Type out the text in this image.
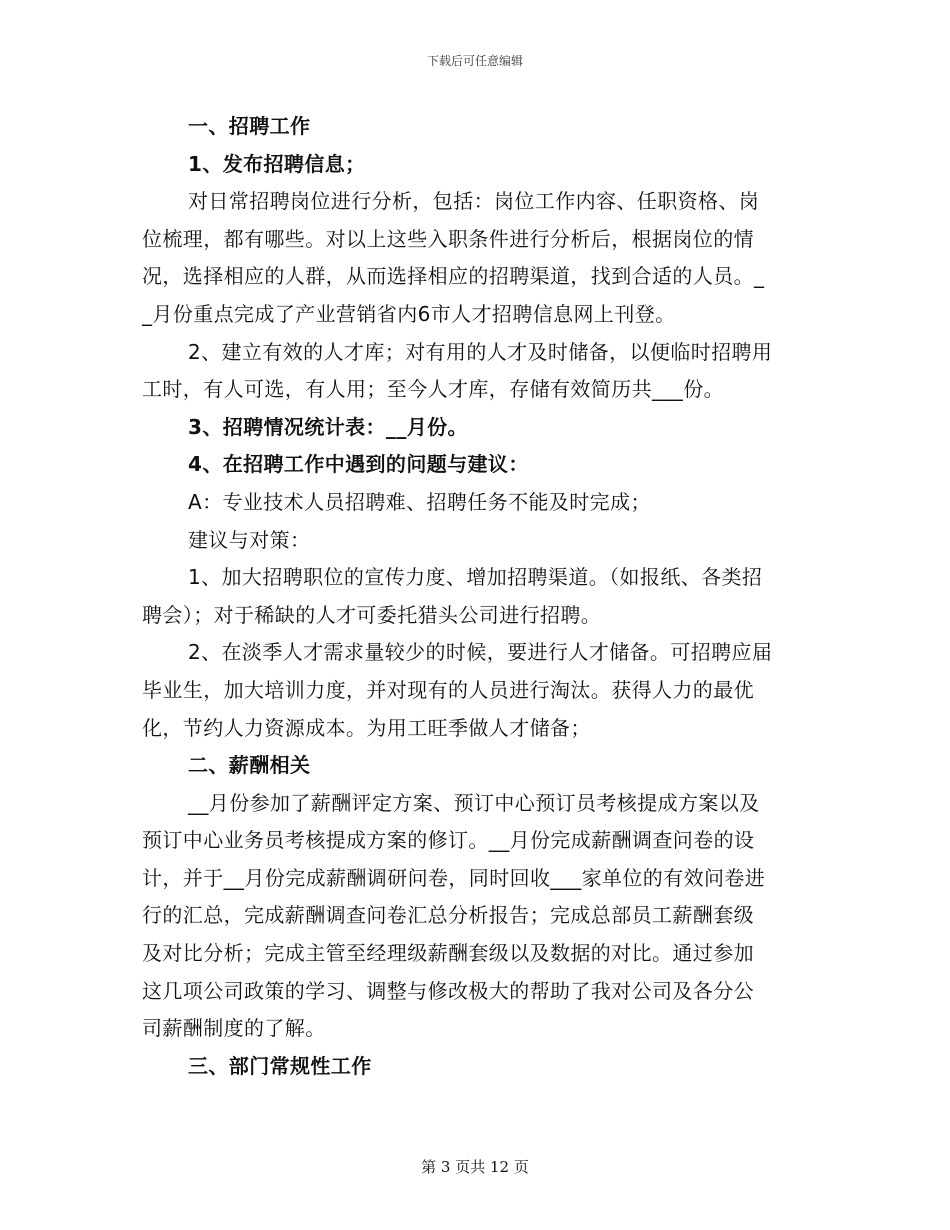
下载后可任意编辑
一、招聘工作
1、发布招聘信息；
对日常招聘岗位进行分析，包括：岗位工作内容、任职资格、岗
位梳理，都有哪些。对以上这些入职条件进行分析后，根据岗位的情
况，选择相应的人群，从而选择相应的招聘渠道，找到合适的人员。_
_月份重点完成了产业营销省内6市人才招聘信息网上刊登。
2、建立有效的人才库；对有用的人才及时储备，以便临时招聘用
工时，有人可选，有人用；至今人才库，存储有效简历共___份。
3、招聘情况统计表：__月份。
4、在招聘工作中遇到的问题与建议：
A：专业技术人员招聘难、招聘任务不能及时完成；
建议与对策：
1、加大招聘职位的宣传力度、增加招聘渠道。（如报纸、各类招
聘会）；对于稀缺的人才可委托猎头公司进行招聘。
2、在淡季人才需求量较少的时候，要进行人才储备。可招聘应届
毕业生，加大培训力度，并对现有的人员进行淘汰。获得人力的最优
化，节约人力资源成本。为用工旺季做人才储备；
二、薪酬相关
__月份参加了薪酬评定方案、预订中心预订员考核提成方案以及
预订中心业务员考核提成方案的修订。__月份完成薪酬调查问卷的设
计，并于__月份完成薪酬调研问卷，同时回收___家单位的有效问卷进
行的汇总，完成薪酬调查问卷汇总分析报告；完成总部员工薪酬套级
及对比分析；完成主管至经理级薪酬套级以及数据的对比。通过参加
这几项公司政策的学习、调整与修改极大的帮助了我对公司及各分公
司薪酬制度的了解。
三、部门常规性工作
第 3 页共 12 页
